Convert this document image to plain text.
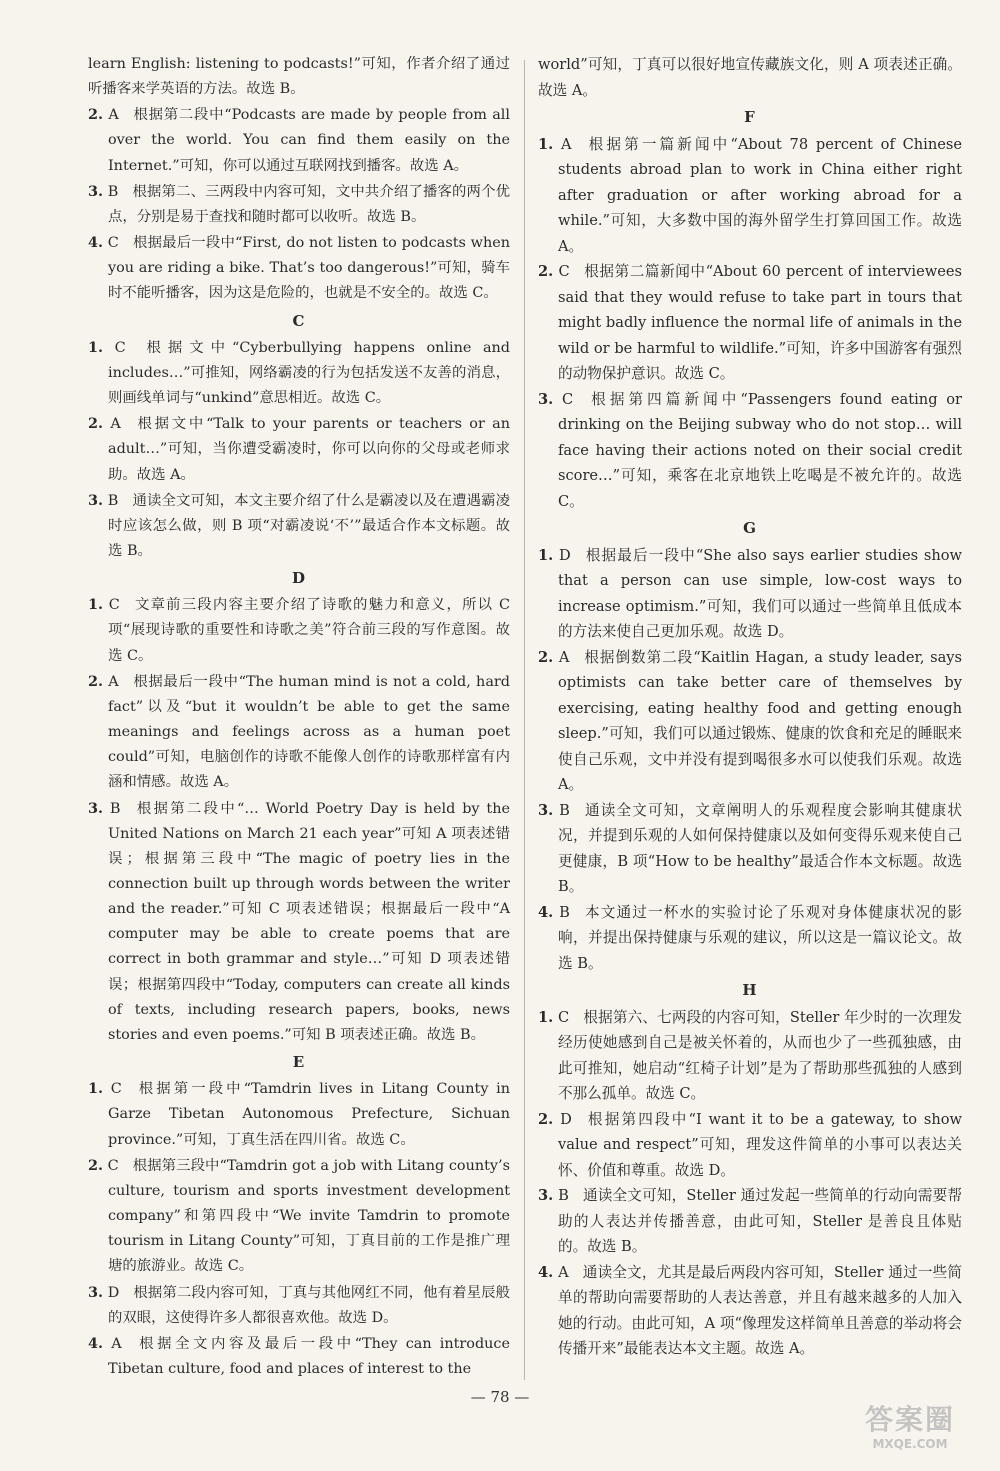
learn English: listening to podcasts!”可知，作者介绍了通过听播客来学英语的方法。故选 B。

2. A 根据第二段中“Podcasts are made by people from all over the world. You can find them easily on the Internet.”可知，你可以通过互联网找到播客。故选 A。

3. B 根据第二、三两段中内容可知，文中共介绍了播客的两个优点，分别是易于查找和随时都可以收听。故选 B。

4. C 根据最后一段中“First, do not listen to podcasts when you are riding a bike. That’s too dangerous!”可知，骑车时不能听播客，因为这是危险的，也就是不安全的。故选 C。

C

1. C 根据文中“Cyberbullying happens online and includes…”可推知，网络霸凌的行为包括发送不友善的消息，则画线单词与“unkind”意思相近。故选 C。

2. A 根据文中“Talk to your parents or teachers or an adult…”可知，当你遭受霸凌时，你可以向你的父母或老师求助。故选 A。

3. B 通读全文可知，本文主要介绍了什么是霸凌以及在遭遇霸凌时应该怎么做，则 B 项“对霸凌说‘不’”最适合作本文标题。故选 B。

D

1. C 文章前三段内容主要介绍了诗歌的魅力和意义，所以 C 项“展现诗歌的重要性和诗歌之美”符合前三段的写作意图。故选 C。

2. A 根据最后一段中“The human mind is not a cold, hard fact”以及“but it wouldn’t be able to get the same meanings and feelings across as a human poet could”可知，电脑创作的诗歌不能像人创作的诗歌那样富有内涵和情感。故选 A。

3. B 根据第二段中“… World Poetry Day is held by the United Nations on March 21 each year”可知 A 项表述错误；根据第三段中“The magic of poetry lies in the connection built up through words between the writer and the reader.”可知 C 项表述错误；根据最后一段中“A computer may be able to create poems that are correct in both grammar and style…”可知 D 项表述错误；根据第四段中“Today, computers can create all kinds of texts, including research papers, books, news stories and even poems.”可知 B 项表述正确。故选 B。

E

1. C 根据第一段中“Tamdrin lives in Litang County in Garze Tibetan Autonomous Prefecture, Sichuan province.”可知，丁真生活在四川省。故选 C。

2. C 根据第三段中“Tamdrin got a job with Litang county’s culture, tourism and sports investment development company”和第四段中“We invite Tamdrin to promote tourism in Litang County”可知，丁真目前的工作是推广理塘的旅游业。故选 C。

3. D 根据第二段内容可知，丁真与其他网红不同，他有着星辰般的双眼，这使得许多人都很喜欢他。故选 D。

4. A 根据全文内容及最后一段中“They can introduce Tibetan culture, food and places of interest to the

world”可知，丁真可以很好地宣传藏族文化，则 A 项表述正确。故选 A。

F

1. A 根据第一篇新闻中“About 78 percent of Chinese students abroad plan to work in China either right after graduation or after working abroad for a while.”可知，大多数中国的海外留学生打算回国工作。故选 A。

2. C 根据第二篇新闻中“About 60 percent of interviewees said that they would refuse to take part in tours that might badly influence the normal life of animals in the wild or be harmful to wildlife.”可知，许多中国游客有强烈的动物保护意识。故选 C。

3. C 根据第四篇新闻中“Passengers found eating or drinking on the Beijing subway who do not stop… will face having their actions noted on their social credit score…”可知，乘客在北京地铁上吃喝是不被允许的。故选 C。

G

1. D 根据最后一段中“She also says earlier studies show that a person can use simple, low-cost ways to increase optimism.”可知，我们可以通过一些简单且低成本的方法来使自己更加乐观。故选 D。

2. A 根据倒数第二段“Kaitlin Hagan, a study leader, says optimists can take better care of themselves by exercising, eating healthy food and getting enough sleep.”可知，我们可以通过锻炼、健康的饮食和充足的睡眠来使自己乐观，文中并没有提到喝很多水可以使我们乐观。故选 A。

3. B 通读全文可知，文章阐明人的乐观程度会影响其健康状况，并提到乐观的人如何保持健康以及如何变得乐观来使自己更健康，B 项“How to be healthy”最适合作本文标题。故选 B。

4. B 本文通过一杯水的实验讨论了乐观对身体健康状况的影响，并提出保持健康与乐观的建议，所以这是一篇议论文。故选 B。

H

1. C 根据第六、七两段的内容可知，Steller 年少时的一次理发经历使她感到自己是被关怀着的，从而也少了一些孤独感，由此可推知，她启动“红椅子计划”是为了帮助那些孤独的人感到不那么孤单。故选 C。

2. D 根据第四段中“I want it to be a gateway, to show value and respect”可知，理发这件简单的小事可以表达关怀、价值和尊重。故选 D。

3. B 通读全文可知，Steller 通过发起一些简单的行动向需要帮助的人表达并传播善意，由此可知，Steller 是善良且体贴的。故选 B。

4. A 通读全文，尤其是最后两段内容可知，Steller 通过一些简单的帮助向需要帮助的人表达善意，并且有越来越多的人加入她的行动。由此可知，A 项“像理发这样简单且善意的举动将会传播开来”最能表达本文主题。故选 A。

— 78 —
答案圈
MXQE.COM
